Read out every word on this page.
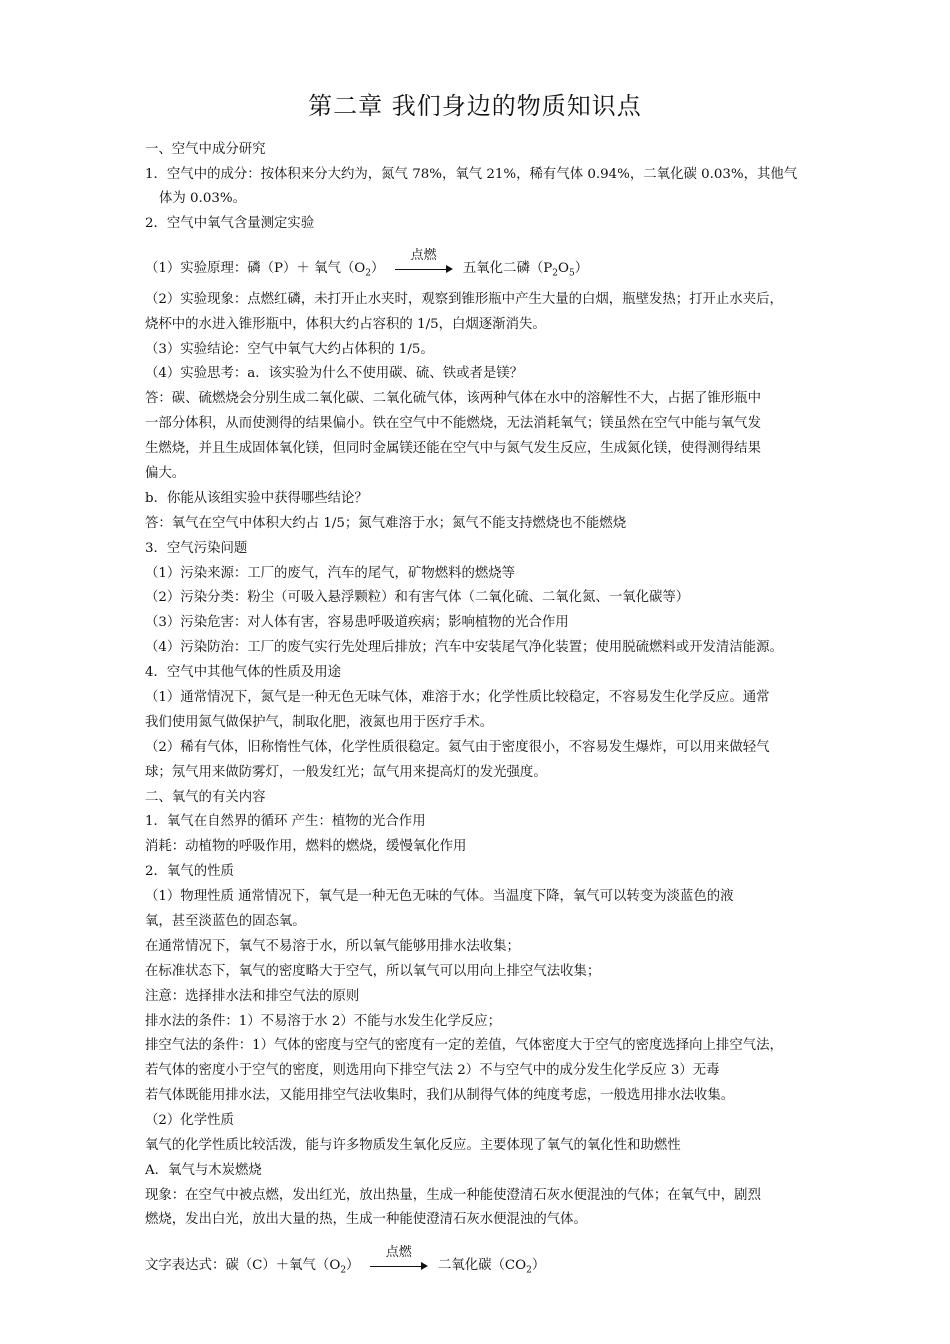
第二章 我们身边的物质知识点
一、空气中成分研究
1．空气中的成分：按体积来分大约为，氮气 78%，氧气 21%，稀有气体 0.94%，二氧化碳 0.03%，其他气
体为 0.03%。
2．空气中氧气含量测定实验
（1）实验原理：磷（P）＋ 氧气$(O_2)$
点燃
五氧化二磷$(P_2O_5)$
（2）实验现象：点燃红磷，未打开止水夹时，观察到锥形瓶中产生大量的白烟，瓶壁发热；打开止水夹后，
烧杯中的水进入锥形瓶中，体积大约占容积的 1/5，白烟逐渐消失。
（3）实验结论：空气中氧气大约占体积的 1/5。
（4）实验思考：a．该实验为什么不使用碳、硫、铁或者是镁？
答：碳、硫燃烧会分别生成二氧化碳、二氧化硫气体，该两种气体在水中的溶解性不大，占据了锥形瓶中
一部分体积，从而使测得的结果偏小。铁在空气中不能燃烧，无法消耗氧气；镁虽然在空气中能与氧气发
生燃烧，并且生成固体氧化镁，但同时金属镁还能在空气中与氮气发生反应，生成氮化镁，使得测得结果
偏大。
b．你能从该组实验中获得哪些结论？
答：氧气在空气中体积大约占 1/5；氮气难溶于水；氮气不能支持燃烧也不能燃烧
3．空气污染问题
（1）污染来源：工厂的废气，汽车的尾气，矿物燃料的燃烧等
（2）污染分类：粉尘（可吸入悬浮颗粒）和有害气体（二氧化硫、二氧化氮、一氧化碳等）
（3）污染危害：对人体有害，容易患呼吸道疾病；影响植物的光合作用
（4）污染防治：工厂的废气实行先处理后排放；汽车中安装尾气净化装置；使用脱硫燃料或开发清洁能源。
4．空气中其他气体的性质及用途
（1）通常情况下，氮气是一种无色无味气体，难溶于水；化学性质比较稳定，不容易发生化学反应。通常
我们使用氮气做保护气，制取化肥，液氮也用于医疗手术。
（2）稀有气体，旧称惰性气体，化学性质很稳定。氦气由于密度很小，不容易发生爆炸，可以用来做轻气
球；氖气用来做防雾灯，一般发红光；氙气用来提高灯的发光强度。
二、氧气的有关内容
1．氧气在自然界的循环 产生：植物的光合作用
消耗：动植物的呼吸作用，燃料的燃烧，缓慢氧化作用
2．氧气的性质
（1）物理性质 通常情况下，氧气是一种无色无味的气体。当温度下降，氧气可以转变为淡蓝色的液
氧，甚至淡蓝色的固态氧。
在通常情况下，氧气不易溶于水，所以氧气能够用排水法收集；
在标准状态下，氧气的密度略大于空气，所以氧气可以用向上排空气法收集；
注意：选择排水法和排空气法的原则
排水法的条件：1）不易溶于水 2）不能与水发生化学反应；
排空气法的条件：1）气体的密度与空气的密度有一定的差值，气体密度大于空气的密度选择向上排空气法，
若气体的密度小于空气的密度，则选用向下排空气法 2）不与空气中的成分发生化学反应 3）无毒
若气体既能用排水法，又能用排空气法收集时，我们从制得气体的纯度考虑，一般选用排水法收集。
（2）化学性质
氧气的化学性质比较活泼，能与许多物质发生氧化反应。主要体现了氧气的氧化性和助燃性
A．氧气与木炭燃烧
现象：在空气中被点燃，发出红光，放出热量，生成一种能使澄清石灰水便混浊的气体；在氧气中，剧烈
燃烧，发出白光，放出大量的热，生成一种能使澄清石灰水便混浊的气体。
文字表达式：碳（C）＋氧气$(O_2)$
点燃
二氧化碳$(CO_2)$
